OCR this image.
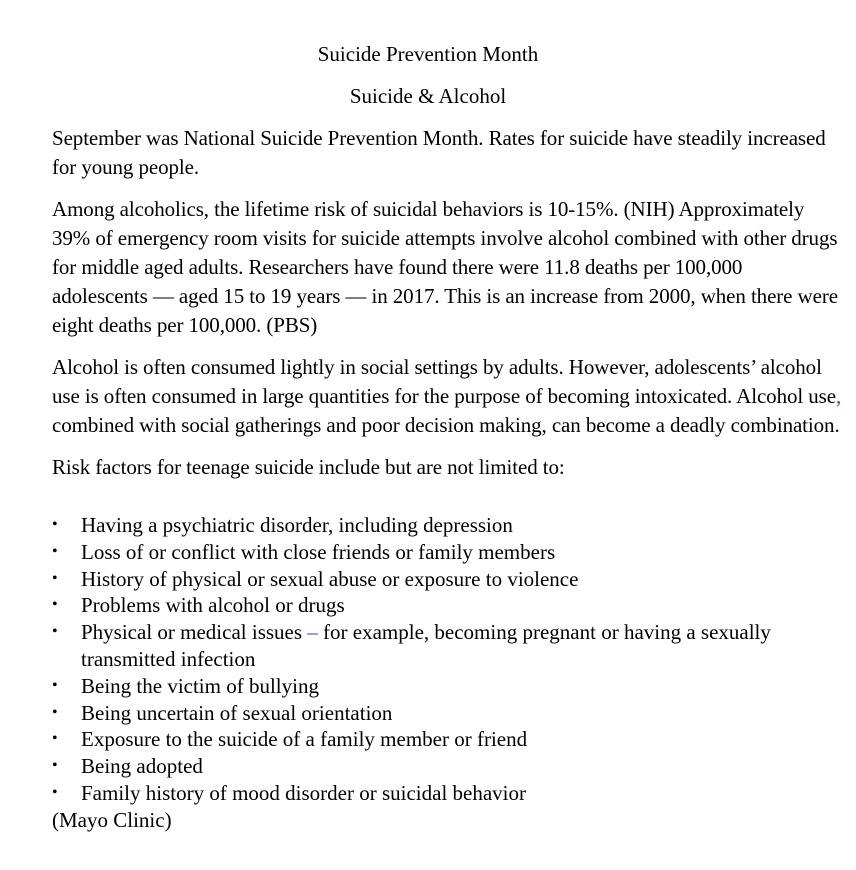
Suicide Prevention Month

Suicide & Alcohol

September was National Suicide Prevention Month. Rates for suicide have steadily increased for young people.

Among alcoholics, the lifetime risk of suicidal behaviors is 10-15%. (NIH) Approximately 39% of emergency room visits for suicide attempts involve alcohol combined with other drugs for middle aged adults. Researchers have found there were 11.8 deaths per 100,000 adolescents — aged 15 to 19 years — in 2017. This is an increase from 2000, when there were eight deaths per 100,000. (PBS)

Alcohol is often consumed lightly in social settings by adults. However, adolescents’ alcohol use is often consumed in large quantities for the purpose of becoming intoxicated. Alcohol use, combined with social gatherings and poor decision making, can become a deadly combination.

Risk factors for teenage suicide include but are not limited to:

•	Having a psychiatric disorder, including depression
•	Loss of or conflict with close friends or family members
•	History of physical or sexual abuse or exposure to violence
•	Problems with alcohol or drugs
•	Physical or medical issues – for example, becoming pregnant or having a sexually transmitted infection
•	Being the victim of bullying
•	Being uncertain of sexual orientation
•	Exposure to the suicide of a family member or friend
•	Being adopted
•	Family history of mood disorder or suicidal behavior

(Mayo Clinic)
